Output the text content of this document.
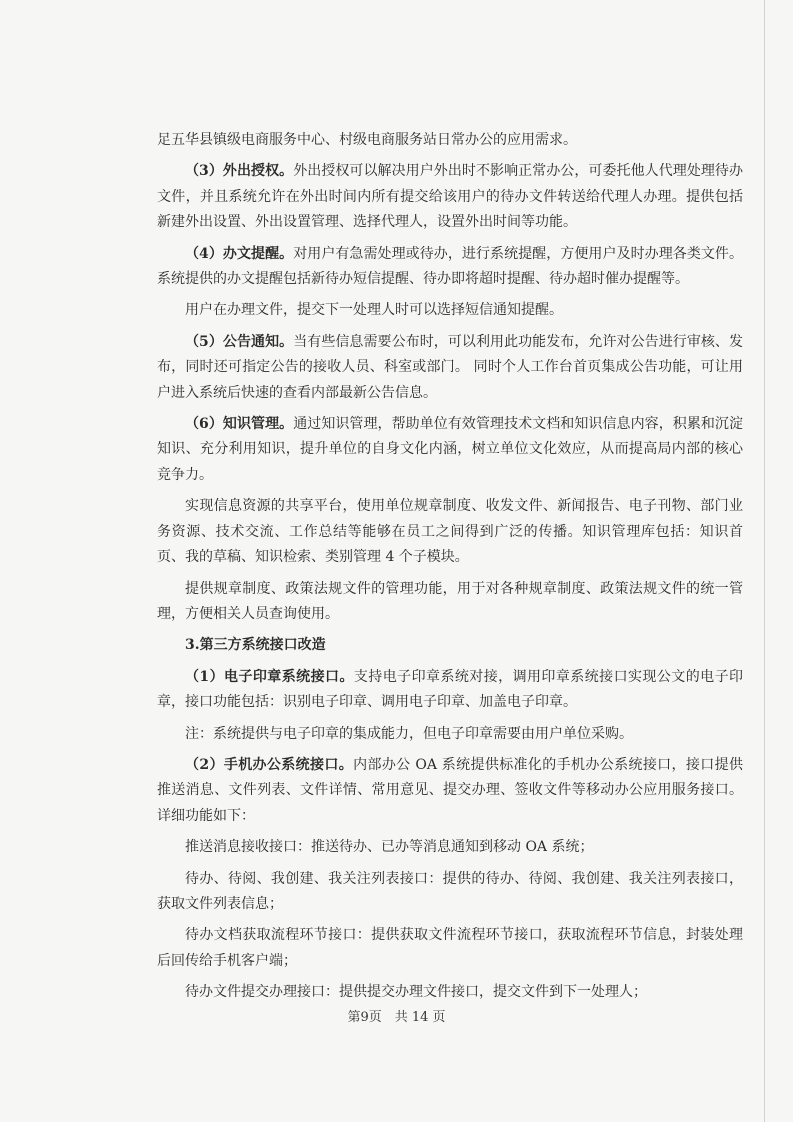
足五华县镇级电商服务中心、村级电商服务站日常办公的应用需求。

（3）外出授权。外出授权可以解决用户外出时不影响正常办公，可委托他人代理处理待办文件，并且系统允许在外出时间内所有提交给该用户的待办文件转送给代理人办理。提供包括新建外出设置、外出设置管理、选择代理人，设置外出时间等功能。

（4）办文提醒。对用户有急需处理或待办，进行系统提醒，方便用户及时办理各类文件。系统提供的办文提醒包括新待办短信提醒、待办即将超时提醒、待办超时催办提醒等。

用户在办理文件，提交下一处理人时可以选择短信通知提醒。

（5）公告通知。当有些信息需要公布时，可以利用此功能发布，允许对公告进行审核、发布，同时还可指定公告的接收人员、科室或部门。 同时个人工作台首页集成公告功能，可让用户进入系统后快速的查看内部最新公告信息。

（6）知识管理。通过知识管理，帮助单位有效管理技术文档和知识信息内容，积累和沉淀知识、充分利用知识，提升单位的自身文化内涵，树立单位文化效应，从而提高局内部的核心竞争力。

实现信息资源的共享平台，使用单位规章制度、收发文件、新闻报告、电子刊物、部门业务资源、技术交流、工作总结等能够在员工之间得到广泛的传播。知识管理库包括：知识首页、我的草稿、知识检索、类别管理 4 个子模块。

提供规章制度、政策法规文件的管理功能，用于对各种规章制度、政策法规文件的统一管理，方便相关人员查询使用。

3.第三方系统接口改造

（1）电子印章系统接口。支持电子印章系统对接，调用印章系统接口实现公文的电子印章，接口功能包括：识别电子印章、调用电子印章、加盖电子印章。

注：系统提供与电子印章的集成能力，但电子印章需要由用户单位采购。

（2）手机办公系统接口。内部办公 OA 系统提供标准化的手机办公系统接口，接口提供推送消息、文件列表、文件详情、常用意见、提交办理、签收文件等移动办公应用服务接口。详细功能如下：

推送消息接收接口：推送待办、已办等消息通知到移动 OA 系统；

待办、待阅、我创建、我关注列表接口：提供的待办、待阅、我创建、我关注列表接口，获取文件列表信息；

待办文档获取流程环节接口：提供获取文件流程环节接口，获取流程环节信息，封装处理后回传给手机客户端；

待办文件提交办理接口：提供提交办理文件接口，提交文件到下一处理人；

第9页　共 14 页
